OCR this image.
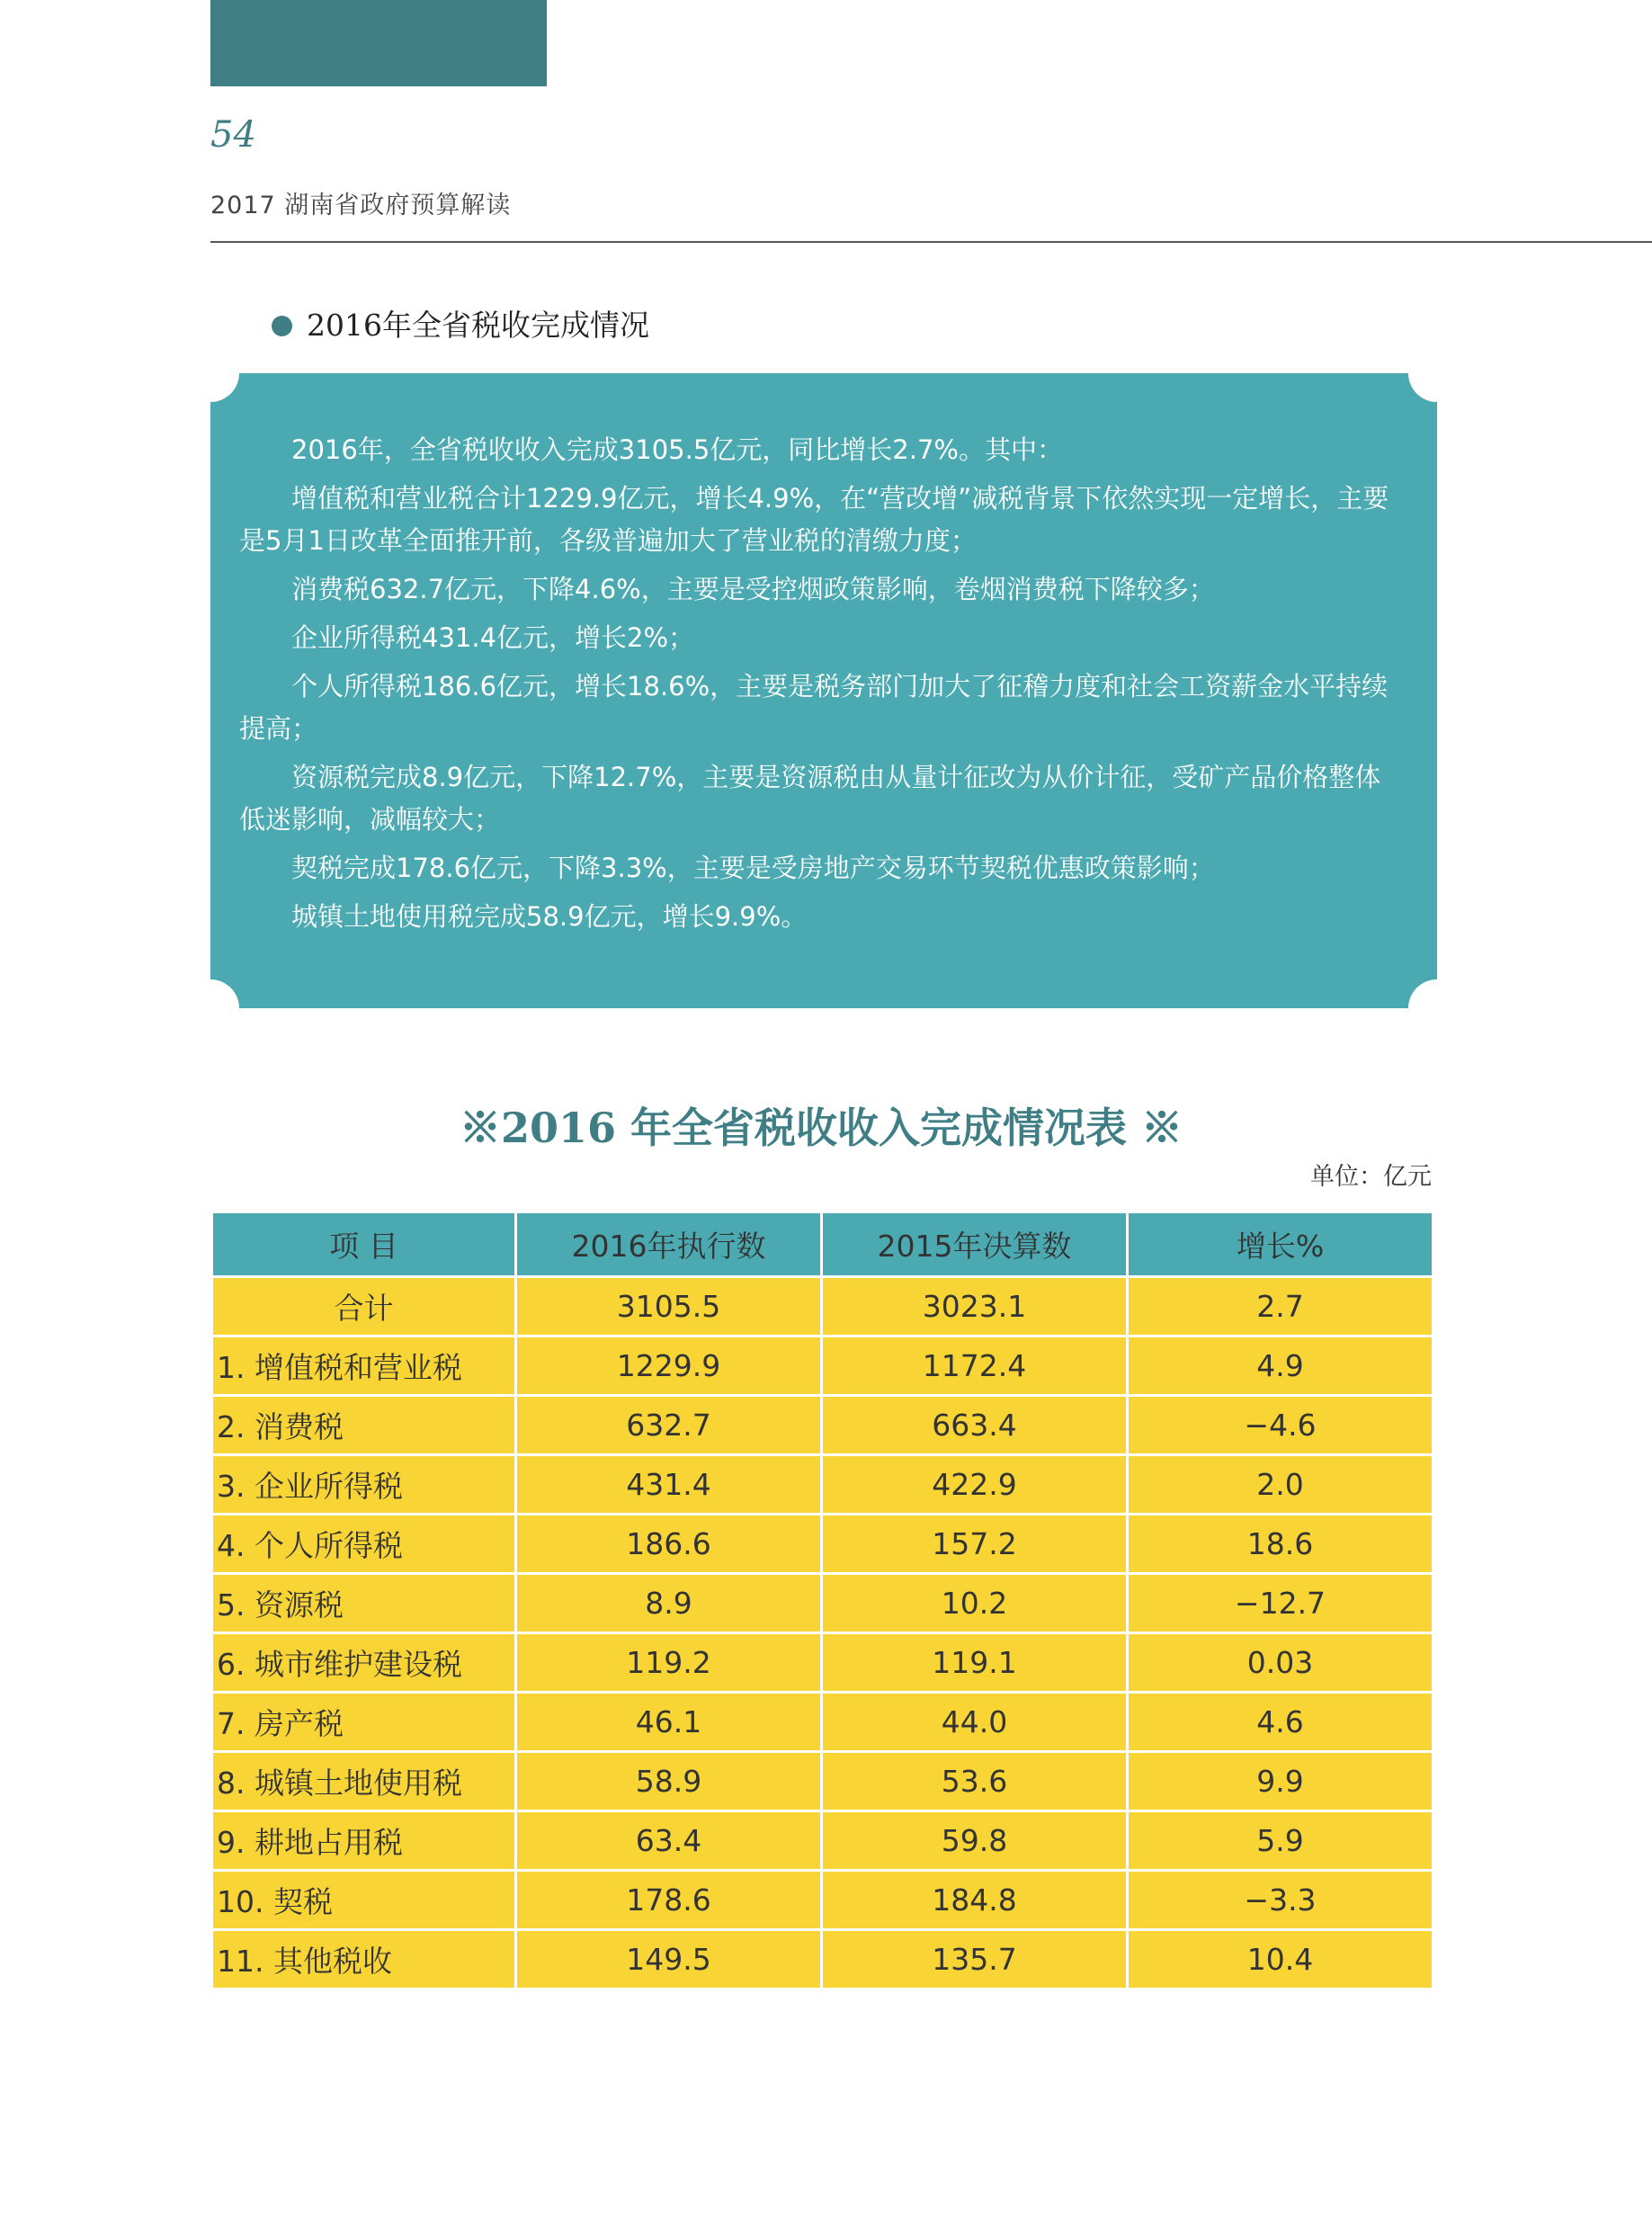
54
2017 湖南省政府预算解读
2016年全省税收完成情况

2016年，全省税收收入完成3105.5亿元，同比增长2.7%。其中：

增值税和营业税合计1229.9亿元，增长4.9%，在“营改增”减税背景下依然实现一定增长，主要是5月1日改革全面推开前，各级普遍加大了营业税的清缴力度；

消费税632.7亿元，下降4.6%，主要是受控烟政策影响，卷烟消费税下降较多；

企业所得税431.4亿元，增长2%；

个人所得税186.6亿元，增长18.6%，主要是税务部门加大了征稽力度和社会工资薪金水平持续提高；

资源税完成8.9亿元，下降12.7%，主要是资源税由从量计征改为从价计征，受矿产品价格整体低迷影响，减幅较大；

契税完成178.6亿元，下降3.3%，主要是受房地产交易环节契税优惠政策影响；

城镇土地使用税完成58.9亿元，增长9.9%。

※2016 年全省税收收入完成情况表 ※
单位：亿元
项 目	2016年执行数	2015年决算数	增长%
合计	3105.5	3023.1	2.7
1. 增值税和营业税	1229.9	1172.4	4.9
2. 消费税	632.7	663.4	−4.6
3. 企业所得税	431.4	422.9	2.0
4. 个人所得税	186.6	157.2	18.6
5. 资源税	8.9	10.2	−12.7
6. 城市维护建设税	119.2	119.1	0.03
7. 房产税	46.1	44.0	4.6
8. 城镇土地使用税	58.9	53.6	9.9
9. 耕地占用税	63.4	59.8	5.9
10. 契税	178.6	184.8	−3.3
11. 其他税收	149.5	135.7	10.4
